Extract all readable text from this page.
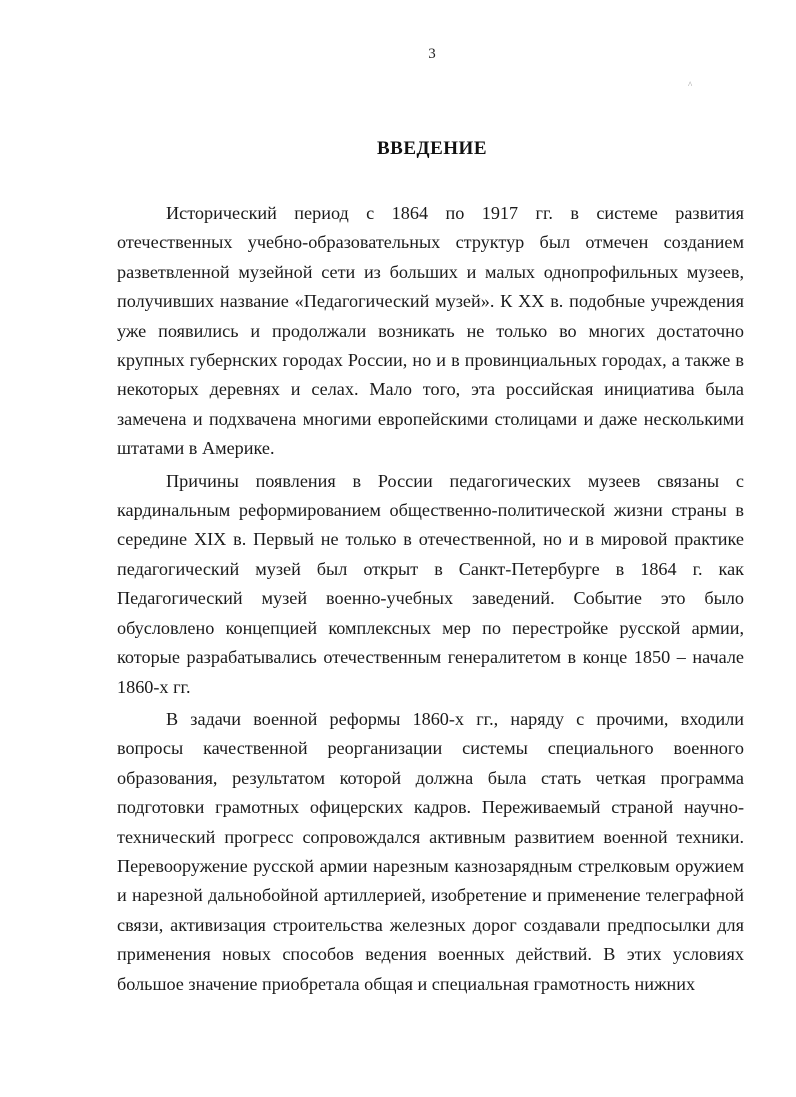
3
^
ВВЕДЕНИЕ

Исторический период с 1864 по 1917 гг. в системе развития отечественных учебно-образовательных структур был отмечен созданием разветвленной музейной сети из больших и малых однопрофильных музеев, получивших название «Педагогический музей». К XX в. подобные учреждения уже появились и продолжали возникать не только во многих достаточно крупных губернских городах России, но и в провинциальных городах, а также в некоторых деревнях и селах. Мало того, эта российская инициатива была замечена и подхвачена многими европейскими столицами и даже несколькими штатами в Америке.

Причины появления в России педагогических музеев связаны с кардинальным реформированием общественно-политической жизни страны в середине XIX в. Первый не только в отечественной, но и в мировой практике педагогический музей был открыт в Санкт-Петербурге в 1864 г. как Педагогический музей военно-учебных заведений. Событие это было обусловлено концепцией комплексных мер по перестройке русской армии, которые разрабатывались отечественным генералитетом в конце 1850 – начале 1860-х гг.

В задачи военной реформы 1860-х гг., наряду с прочими, входили вопросы качественной реорганизации системы специального военного образования, результатом которой должна была стать четкая программа подготовки грамотных офицерских кадров. Переживаемый страной научно-технический прогресс сопровождался активным развитием военной техники. Перевооружение русской армии нарезным казнозарядным стрелковым оружием и нарезной дальнобойной артиллерией, изобретение и применение телеграфной связи, активизация строительства железных дорог создавали предпосылки для применения новых способов ведения военных действий. В этих условиях большое значение приобретала общая и специальная грамотность нижних
